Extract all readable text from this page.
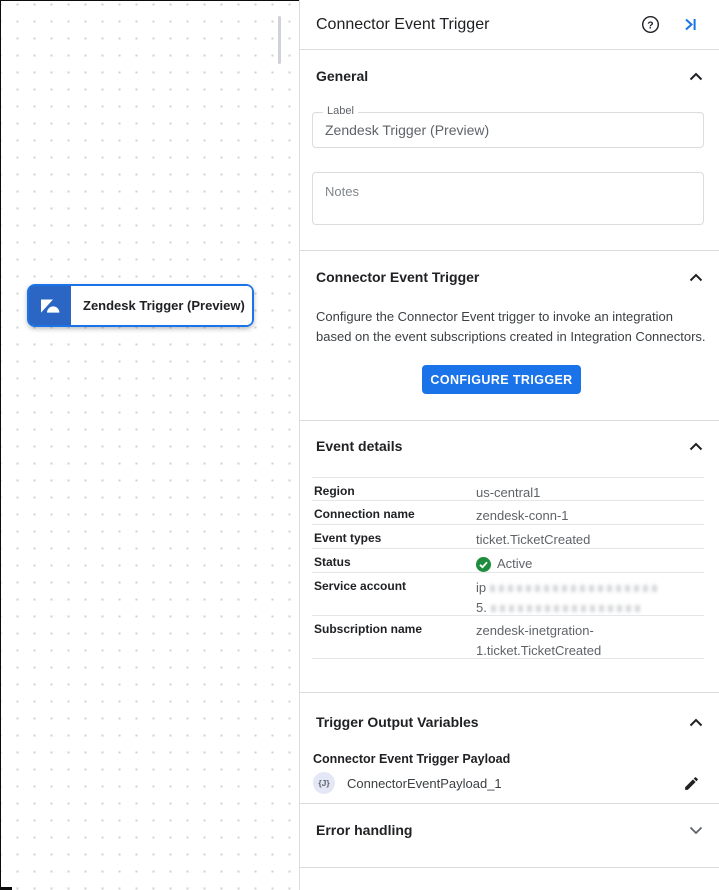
Zendesk Trigger (Preview)
Connector Event Trigger	?
General
Label
Zendesk Trigger (Preview)
Notes
Connector Event Trigger
Configure the Connector Event trigger to invoke an integration
based on the event subscriptions created in Integration Connectors.
CONFIGURE TRIGGER
Event details
Region	us-central1
Connection name	zendesk-conn-1
Event types	ticket.TicketCreated
Status	Active
Service account	ip
5.
Subscription name	zendesk-inetgration-
1.ticket.TicketCreated
Trigger Output Variables
Connector Event Trigger Payload
{J}	ConnectorEventPayload_1
Error handling
